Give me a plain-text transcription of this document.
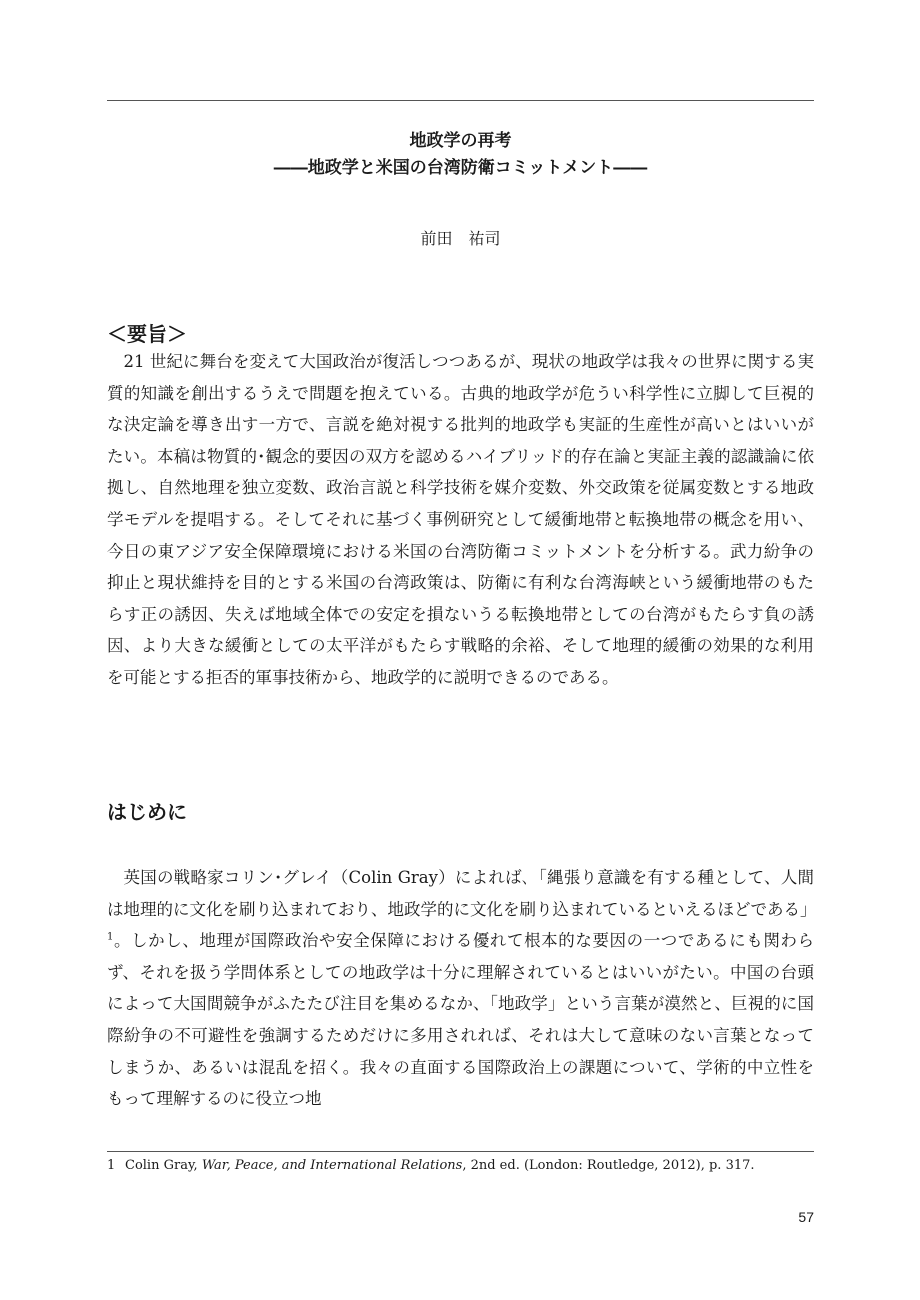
地政学の再考
――地政学と米国の台湾防衛コミットメント――
前田　祐司
＜要旨＞

21 世紀に舞台を変えて大国政治が復活しつつあるが、現状の地政学は我々の世界に関する実質的知識を創出するうえで問題を抱えている。古典的地政学が危うい科学性に立脚して巨視的な決定論を導き出す一方で、言説を絶対視する批判的地政学も実証的生産性が高いとはいいがたい。本稿は物質的･観念的要因の双方を認めるハイブリッド的存在論と実証主義的認識論に依拠し、自然地理を独立変数、政治言説と科学技術を媒介変数、外交政策を従属変数とする地政学モデルを提唱する。そしてそれに基づく事例研究として緩衝地帯と転換地帯の概念を用い、今日の東アジア安全保障環境における米国の台湾防衛コミットメントを分析する。武力紛争の抑止と現状維持を目的とする米国の台湾政策は、防衛に有利な台湾海峡という緩衝地帯のもたらす正の誘因、失えば地域全体での安定を損ないうる転換地帯としての台湾がもたらす負の誘因、より大きな緩衝としての太平洋がもたらす戦略的余裕、そして地理的緩衝の効果的な利用を可能とする拒否的軍事技術から、地政学的に説明できるのである。

はじめに

英国の戦略家コリン･グレイ（Colin Gray）によれば､「縄張り意識を有する種として、人間は地理的に文化を刷り込まれており、地政学的に文化を刷り込まれているといえるほどである」$^1$。しかし、地理が国際政治や安全保障における優れて根本的な要因の一つであるにも関わらず、それを扱う学問体系としての地政学は十分に理解されているとはいいがたい。中国の台頭によって大国間競争がふたたび注目を集めるなか、「地政学」という言葉が漠然と、巨視的に国際紛争の不可避性を強調するためだけに多用されれば、それは大して意味のない言葉となってしまうか、あるいは混乱を招く。我々の直面する国際政治上の課題について、学術的中立性をもって理解するのに役立つ地

1 Colin Gray, War, Peace, and International Relations, 2nd ed. (London: Routledge, 2012), p. 317.
57
